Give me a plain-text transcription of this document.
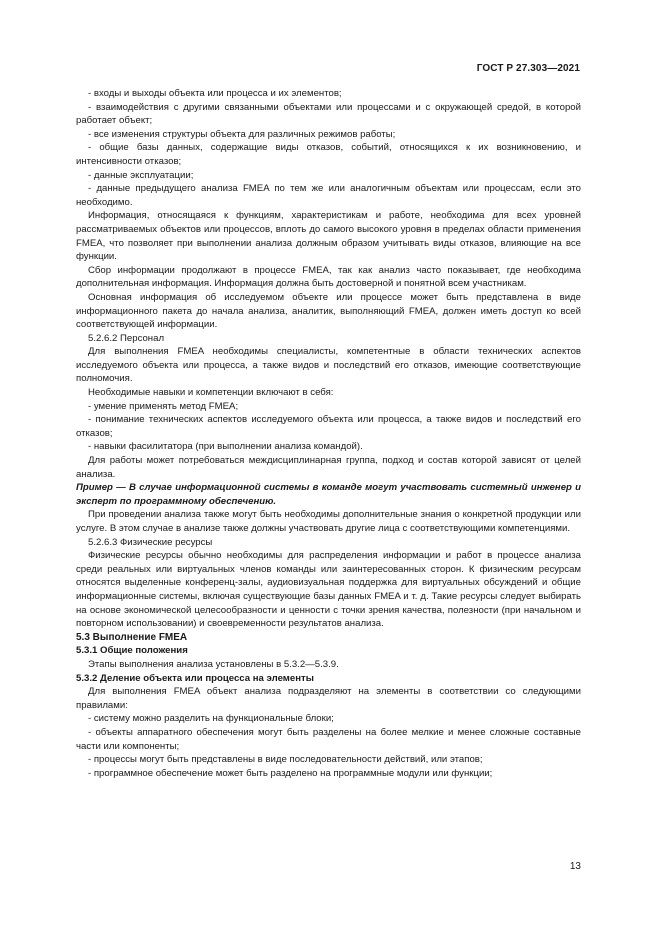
ГОСТ Р 27.303—2021

- входы и выходы объекта или процесса и их элементов;

- взаимодействия с другими связанными объектами или процессами и с окружающей средой, в которой работает объект;

- все изменения структуры объекта для различных режимов работы;

- общие базы данных, содержащие виды отказов, событий, относящихся к их возникновению, и интенсивности отказов;

- данные эксплуатации;

- данные предыдущего анализа FMEA по тем же или аналогичным объектам или процессам, если это необходимо.

Информация, относящаяся к функциям, характеристикам и работе, необходима для всех уровней рассматриваемых объектов или процессов, вплоть до самого высокого уровня в пределах области применения FMEA, что позволяет при выполнении анализа должным образом учитывать виды отказов, влияющие на все функции.

Сбор информации продолжают в процессе FMEA, так как анализ часто показывает, где необходима дополнительная информация. Информация должна быть достоверной и понятной всем участникам.

Основная информация об исследуемом объекте или процессе может быть представлена в виде информационного пакета до начала анализа, аналитик, выполняющий FMEA, должен иметь доступ ко всей соответствующей информации.

5.2.6.2 Персонал

Для выполнения FMEA необходимы специалисты, компетентные в области технических аспектов исследуемого объекта или процесса, а также видов и последствий его отказов, имеющие соответствующие полномочия.

Необходимые навыки и компетенции включают в себя:

- умение применять метод FMEA;

- понимание технических аспектов исследуемого объекта или процесса, а также видов и последствий его отказов;

- навыки фасилитатора (при выполнении анализа командой).

Для работы может потребоваться междисциплинарная группа, подход и состав которой зависят от целей анализа.

Пример — В случае информационной системы в команде могут участвовать системный инженер и эксперт по программному обеспечению.

При проведении анализа также могут быть необходимы дополнительные знания о конкретной продукции или услуге. В этом случае в анализе также должны участвовать другие лица с соответствующими компетенциями.

5.2.6.3 Физические ресурсы

Физические ресурсы обычно необходимы для распределения информации и работ в процессе анализа среди реальных или виртуальных членов команды или заинтересованных сторон. К физическим ресурсам относятся выделенные конференц-залы, аудиовизуальная поддержка для виртуальных обсуждений и общие информационные системы, включая существующие базы данных FMEA и т. д. Такие ресурсы следует выбирать на основе экономической целесообразности и ценности с точки зрения качества, полезности (при начальном и повторном использовании) и своевременности результатов анализа.

5.3 Выполнение FMEA

5.3.1 Общие положения

Этапы выполнения анализа установлены в 5.3.2—5.3.9.

5.3.2 Деление объекта или процесса на элементы

Для выполнения FMEA объект анализа подразделяют на элементы в соответствии со следующими правилами:

- систему можно разделить на функциональные блоки;

- объекты аппаратного обеспечения могут быть разделены на более мелкие и менее сложные составные части или компоненты;

- процессы могут быть представлены в виде последовательности действий, или этапов;

- программное обеспечение может быть разделено на программные модули или функции;

13
